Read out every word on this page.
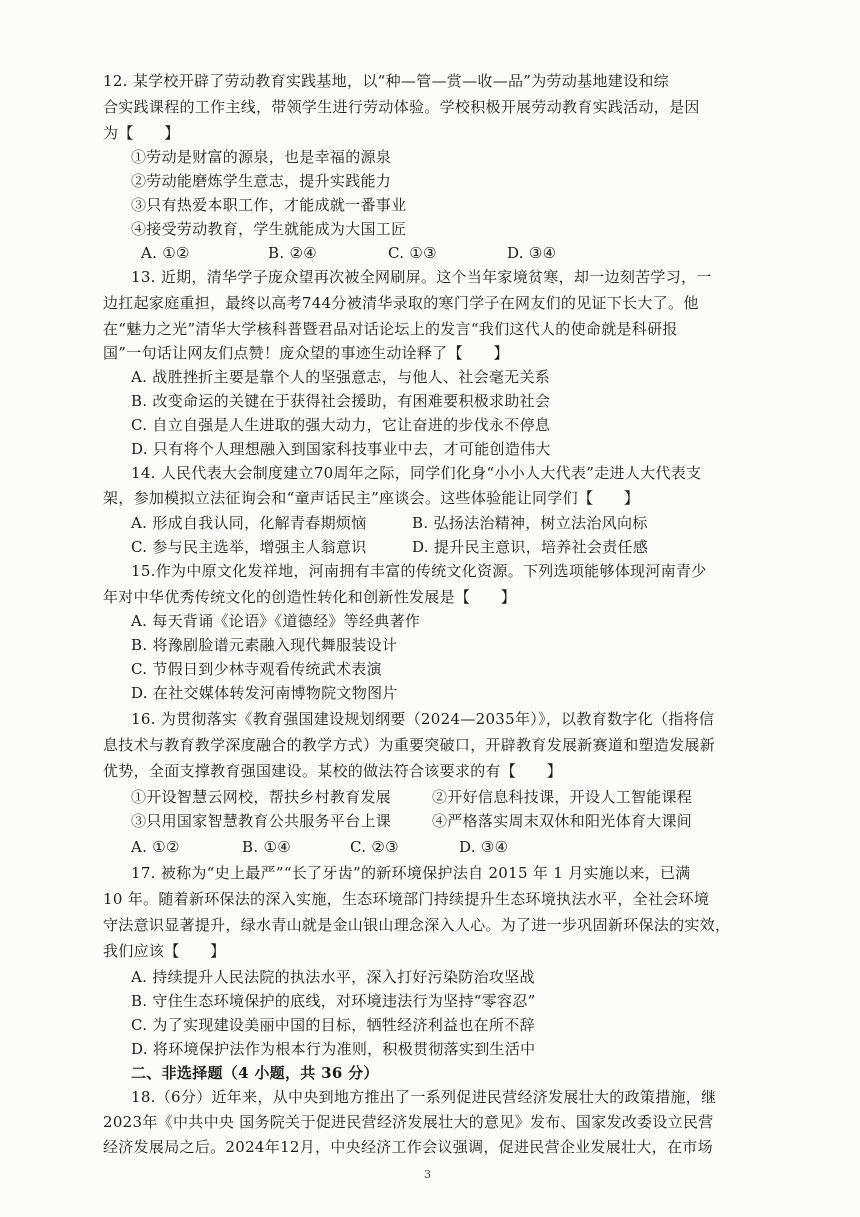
12. 某学校开辟了劳动教育实践基地，以“种—管—赏—收—品”为劳动基地建设和综
合实践课程的工作主线，带领学生进行劳动体验。学校积极开展劳动教育实践活动，是因
为【　　】
①劳动是财富的源泉，也是幸福的源泉
②劳动能磨炼学生意志，提升实践能力
③只有热爱本职工作，才能成就一番事业
④接受劳动教育，学生就能成为大国工匠
A. ①②	B. ②④	C. ①③	D. ③④
13. 近期，清华学子庞众望再次被全网刷屏。这个当年家境贫寒，却一边刻苦学习，一
边扛起家庭重担，最终以高考744分被清华录取的寒门学子在网友们的见证下长大了。他
在“魅力之光”清华大学核科普暨君品对话论坛上的发言“我们这代人的使命就是科研报
国”一句话让网友们点赞！庞众望的事迹生动诠释了【　　】
A. 战胜挫折主要是靠个人的坚强意志，与他人、社会毫无关系
B. 改变命运的关键在于获得社会援助，有困难要积极求助社会
C. 自立自强是人生进取的强大动力，它让奋进的步伐永不停息
D. 只有将个人理想融入到国家科技事业中去，才可能创造伟大
14. 人民代表大会制度建立70周年之际，同学们化身“小小人大代表”走进人大代表支
架，参加模拟立法征询会和“童声话民主”座谈会。这些体验能让同学们【　　】
A. 形成自我认同，化解青春期烦恼	B. 弘扬法治精神，树立法治风向标
C. 参与民主选举，增强主人翁意识	D. 提升民主意识，培养社会责任感
15.作为中原文化发祥地，河南拥有丰富的传统文化资源。下列选项能够体现河南青少
年对中华优秀传统文化的创造性转化和创新性发展是【　　】
A. 每天背诵《论语》《道德经》等经典著作
B. 将豫剧脸谱元素融入现代舞服装设计
C. 节假日到少林寺观看传统武术表演
D. 在社交媒体转发河南博物院文物图片
16. 为贯彻落实《教育强国建设规划纲要（2024—2035年）》，以教育数字化（指将信
息技术与教育教学深度融合的教学方式）为重要突破口，开辟教育发展新赛道和塑造发展新
优势，全面支撑教育强国建设。某校的做法符合该要求的有【　　】
①开设智慧云网校，帮扶乡村教育发展	②开好信息科技课，开设人工智能课程
③只用国家智慧教育公共服务平台上课	④严格落实周末双休和阳光体育大课间
A. ①②	B. ①④	C. ②③	D. ③④
17. 被称为“史上最严”“长了牙齿”的新环境保护法自 2015 年 1 月实施以来，已满
10 年。随着新环保法的深入实施，生态环境部门持续提升生态环境执法水平，全社会环境
守法意识显著提升，绿水青山就是金山银山理念深入人心。为了进一步巩固新环保法的实效，
我们应该【　　】
A. 持续提升人民法院的执法水平，深入打好污染防治攻坚战
B. 守住生态环境保护的底线，对环境违法行为坚持“零容忍”
C. 为了实现建设美丽中国的目标，牺牲经济利益也在所不辞
D. 将环境保护法作为根本行为准则，积极贯彻落实到生活中
二、非选择题（4 小题，共 36 分）
18.（6分）近年来，从中央到地方推出了一系列促进民营经济发展壮大的政策措施，继
2023年《中共中央 国务院关于促进民营经济发展壮大的意见》发布、国家发改委设立民营
经济发展局之后。2024年12月，中央经济工作会议强调，促进民营企业发展壮大，在市场
3
